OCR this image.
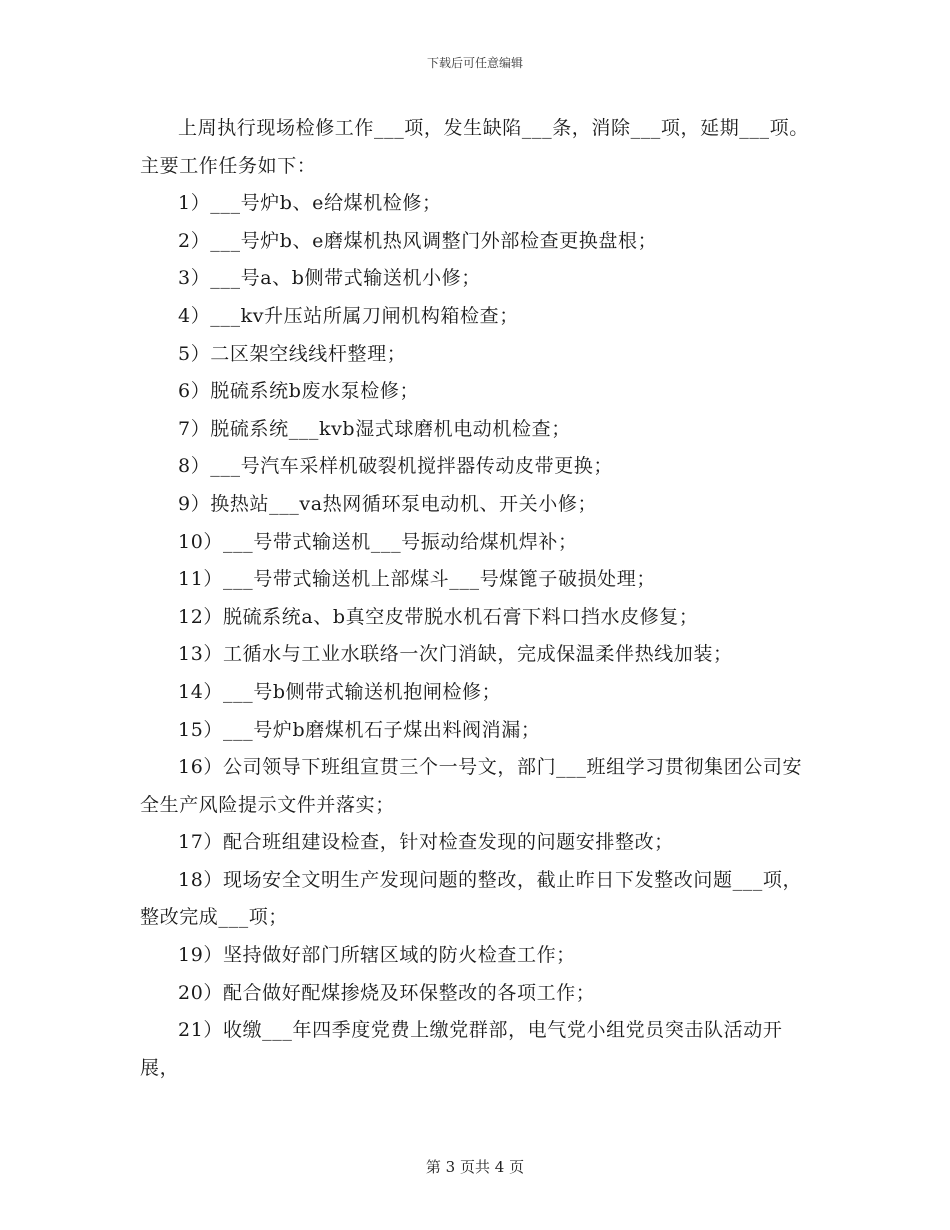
下载后可任意编辑

上周执行现场检修工作___项，发生缺陷___条，消除___项，延期___项。主要工作任务如下：

1）___号炉b、e给煤机检修；

2）___号炉b、e磨煤机热风调整门外部检查更换盘根；

3）___号a、b侧带式输送机小修；

4）___kv升压站所属刀闸机构箱检查；

5）二区架空线线杆整理；

6）脱硫系统b废水泵检修；

7）脱硫系统___kvb湿式球磨机电动机检查；

8）___号汽车采样机破裂机搅拌器传动皮带更换；

9）换热站___va热网循环泵电动机、开关小修；

10）___号带式输送机___号振动给煤机焊补；

11）___号带式输送机上部煤斗___号煤篦子破损处理；

12）脱硫系统a、b真空皮带脱水机石膏下料口挡水皮修复；

13）工循水与工业水联络一次门消缺，完成保温柔伴热线加装；

14）___号b侧带式输送机抱闸检修；

15）___号炉b磨煤机石子煤出料阀消漏；

16）公司领导下班组宣贯三个一号文，部门___班组学习贯彻集团公司安全生产风险提示文件并落实；

17）配合班组建设检查，针对检查发现的问题安排整改；

18）现场安全文明生产发现问题的整改，截止昨日下发整改问题___项，整改完成___项；

19）坚持做好部门所辖区域的防火检查工作；

20）配合做好配煤掺烧及环保整改的各项工作；

21）收缴___年四季度党费上缴党群部，电气党小组党员突击队活动开展，

第 3 页共 4 页
